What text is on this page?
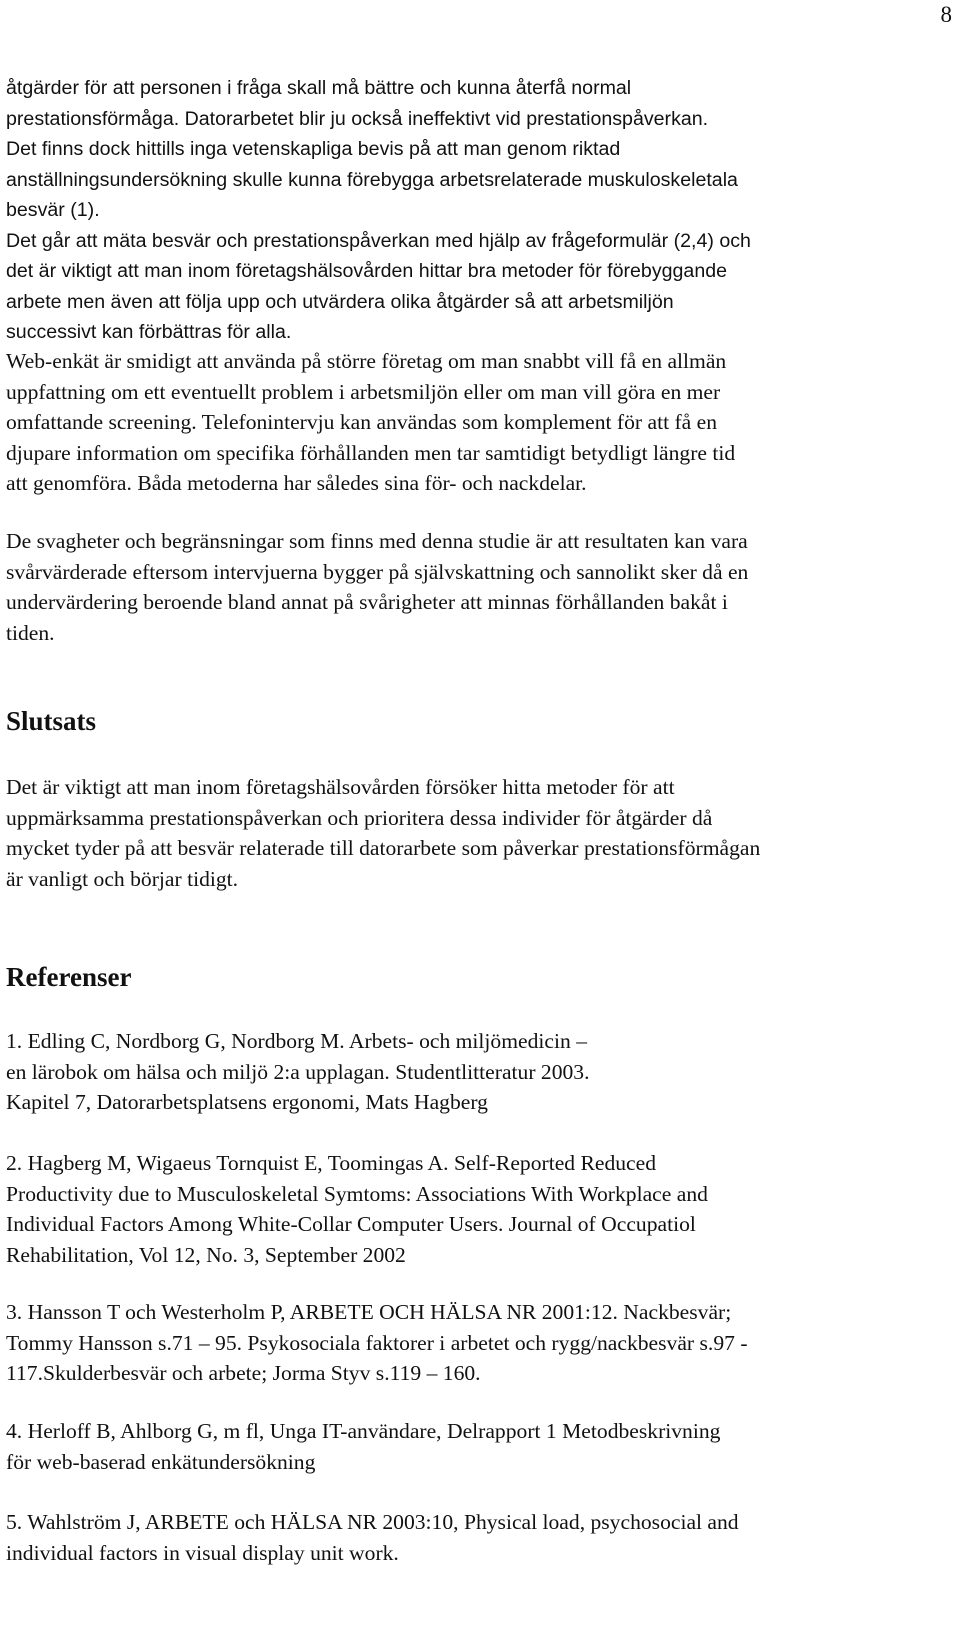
8

åtgärder för att personen i fråga skall må bättre och kunna återfå normal
prestationsförmåga. Datorarbetet blir ju också ineffektivt vid prestationspåverkan.
Det finns dock hittills inga vetenskapliga bevis på att man genom riktad
anställningsundersökning skulle kunna förebygga arbetsrelaterade muskuloskeletala
besvär (1).
Det går att mäta besvär och prestationspåverkan med hjälp av frågeformulär (2,4) och
det är viktigt att man inom företagshälsovården hittar bra metoder för förebyggande
arbete men även att följa upp och utvärdera olika åtgärder så att arbetsmiljön
successivt kan förbättras för alla.

Web-enkät är smidigt att använda på större företag om man snabbt vill få en allmän
uppfattning om ett eventuellt problem i arbetsmiljön eller om man vill göra en mer
omfattande screening. Telefonintervju kan användas som komplement för att få en
djupare information om specifika förhållanden men tar samtidigt betydligt längre tid
att genomföra. Båda metoderna har således sina för- och nackdelar.

De svagheter och begränsningar som finns med denna studie är att resultaten kan vara
svårvärderade eftersom intervjuerna bygger på självskattning och sannolikt sker då en
undervärdering beroende bland annat på svårigheter att minnas förhållanden bakåt i
tiden.

Slutsats

Det är viktigt att man inom företagshälsovården försöker hitta metoder för att
uppmärksamma prestationspåverkan och prioritera dessa individer för åtgärder då
mycket tyder på att besvär relaterade till datorarbete som påverkar prestationsförmågan
är vanligt och börjar tidigt.

Referenser

1. Edling C, Nordborg G, Nordborg M. Arbets- och miljömedicin –
en lärobok om hälsa och miljö 2:a upplagan. Studentlitteratur 2003.
Kapitel 7, Datorarbetsplatsens ergonomi, Mats Hagberg

2. Hagberg M, Wigaeus Tornquist E, Toomingas A. Self-Reported Reduced
Productivity due to Musculoskeletal Symtoms: Associations With Workplace and
Individual Factors Among White-Collar Computer Users. Journal of Occupatiol
Rehabilitation, Vol 12, No. 3, September 2002

3. Hansson T och Westerholm P, ARBETE OCH HÄLSA NR 2001:12. Nackbesvär;
Tommy Hansson s.71 – 95. Psykosociala faktorer i arbetet och rygg/nackbesvär s.97 -
117.Skulderbesvär och arbete; Jorma Styv s.119 – 160.

4. Herloff B, Ahlborg G, m fl, Unga IT-användare, Delrapport 1 Metodbeskrivning
för web-baserad enkätundersökning

5. Wahlström J, ARBETE och HÄLSA NR 2003:10, Physical load, psychosocial and
individual factors in visual display unit work.
